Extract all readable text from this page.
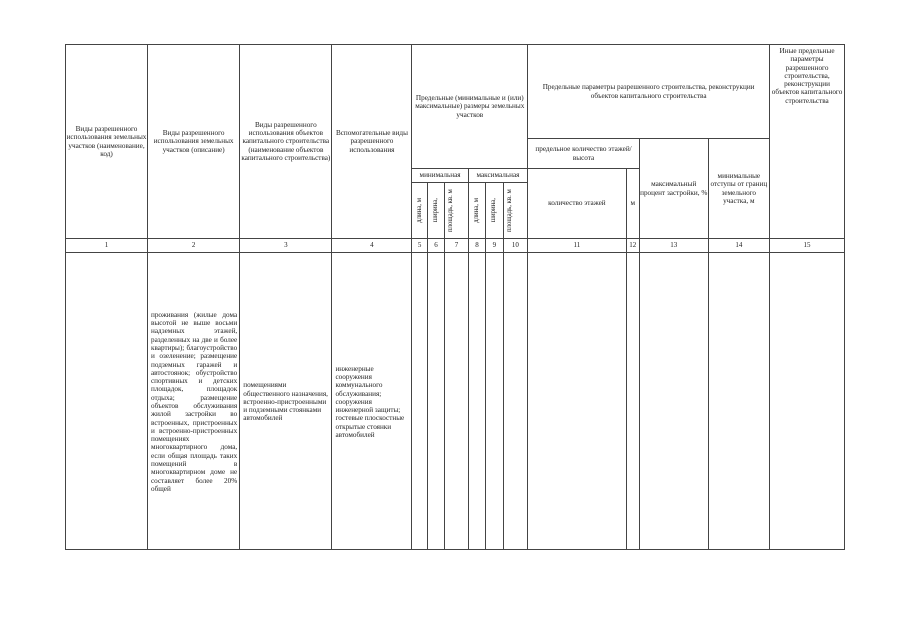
Виды разрешенного использования земельных участков (наименование, код)	Виды разрешенного использования земельных участков (описание)	Виды разрешенного использования объектов капитального строительства (наименование объектов капитального строительства)	Вспомогательные виды разрешенного использования	Предельные (минимальные и (или) максимальные) размеры земельных участков						Предельные параметры разрешенного строительства, реконструкции объектов капитального строительства				Иные предельные параметры разрешенного строительства, реконструкции объектов капитального строительства
										предельное количество этажей/высота		максимальный процент застройки, %	минимальные отступы от границ земельного участка, м	
				минимальная			максимальная			количество этажей	м			

				длина, м	ширина,	площадь, кв. м	длина, м	ширина,	площадь, кв. м					

1	2	3	4	5	6	7	8	9	10	11	12	13	14	15

	проживания (жилые дома высотой не выше восьми надземных этажей, разделенных на две и более квартиры); благоустройство и озеленение; размещение подземных гаражей и автостоянок; обустройство спортивных и детских площадок, площадок отдыха; размещение объектов обслуживания жилой застройки во встроенных, пристроенных и встроенно-пристроенных помещениях многоквартирного дома, если общая площадь таких помещений в многоквартирном доме не составляет более 20% общей	помещениями общественного назначения, встроенно-пристроенными и подземными стоянками автомобилей	инженерные сооружения коммунального обслуживания; сооружения инженерной защиты; гостевые плоскостные открытые стоянки автомобилей											
